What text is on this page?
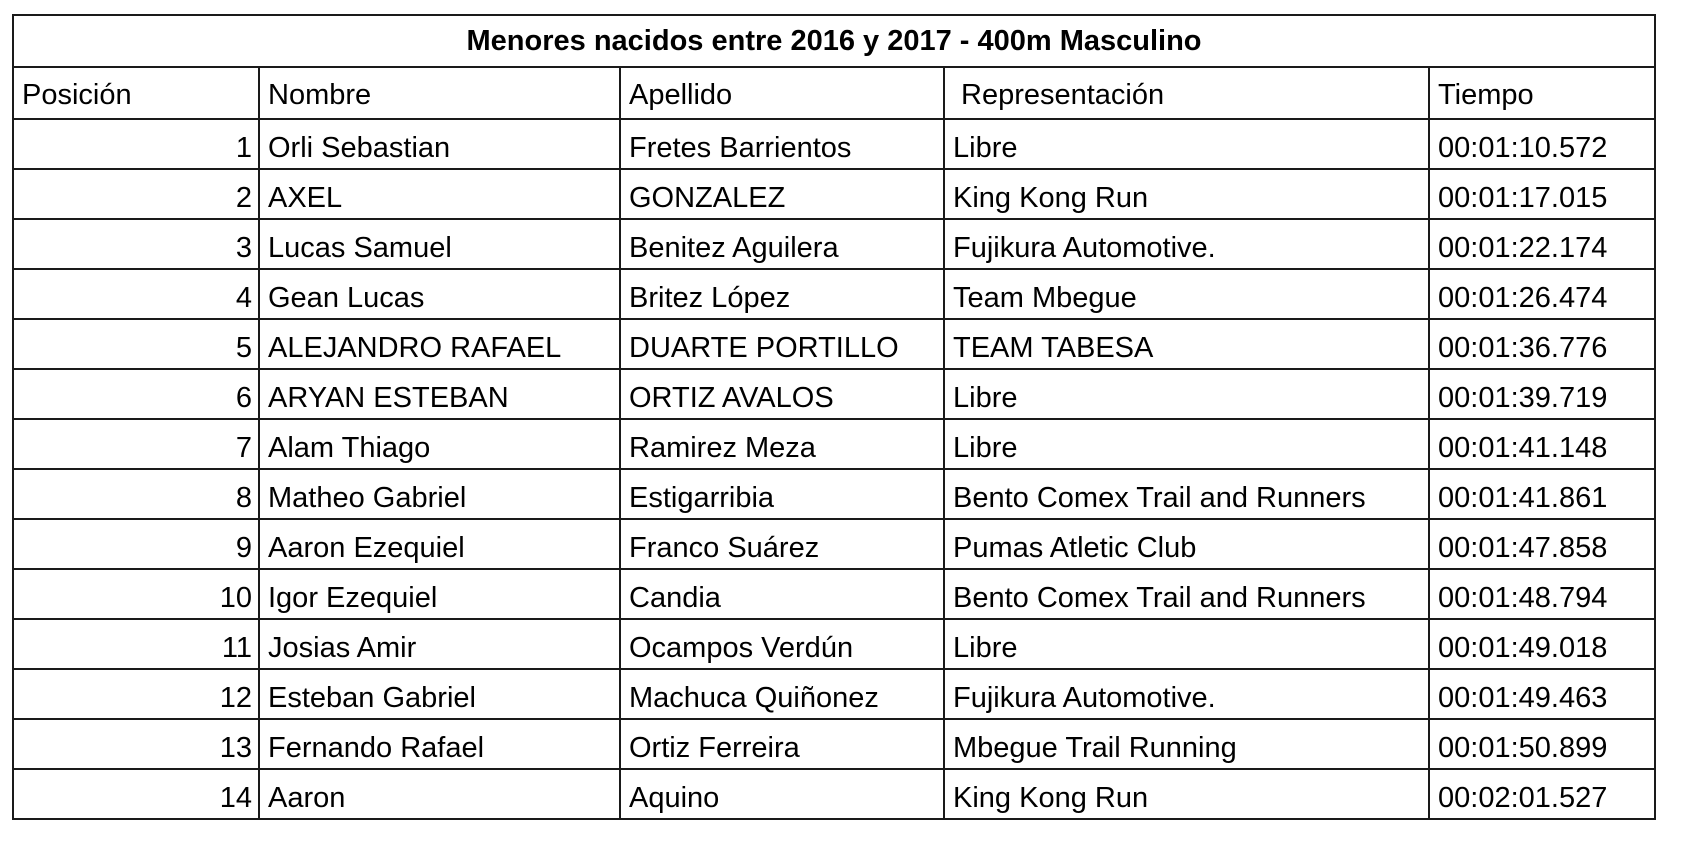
Menores nacidos entre 2016 y 2017 - 400m Masculino				
Posición	Nombre	Apellido	Representación	Tiempo
1	Orli Sebastian	Fretes Barrientos	Libre	00:01:10.572
2	AXEL	GONZALEZ	King Kong Run	00:01:17.015
3	Lucas Samuel	Benitez Aguilera	Fujikura Automotive.	00:01:22.174
4	Gean Lucas	Britez López	Team Mbegue	00:01:26.474
5	ALEJANDRO RAFAEL	DUARTE PORTILLO	TEAM TABESA	00:01:36.776
6	ARYAN ESTEBAN	ORTIZ AVALOS	Libre	00:01:39.719
7	Alam Thiago	Ramirez Meza	Libre	00:01:41.148
8	Matheo Gabriel	Estigarribia	Bento Comex Trail and Runners	00:01:41.861
9	Aaron Ezequiel	Franco Suárez	Pumas Atletic Club	00:01:47.858
10	Igor Ezequiel	Candia	Bento Comex Trail and Runners	00:01:48.794
11	Josias Amir	Ocampos Verdún	Libre	00:01:49.018
12	Esteban Gabriel	Machuca Quiñonez	Fujikura Automotive.	00:01:49.463
13	Fernando Rafael	Ortiz Ferreira	Mbegue Trail Running	00:01:50.899
14	Aaron	Aquino	King Kong Run	00:02:01.527
